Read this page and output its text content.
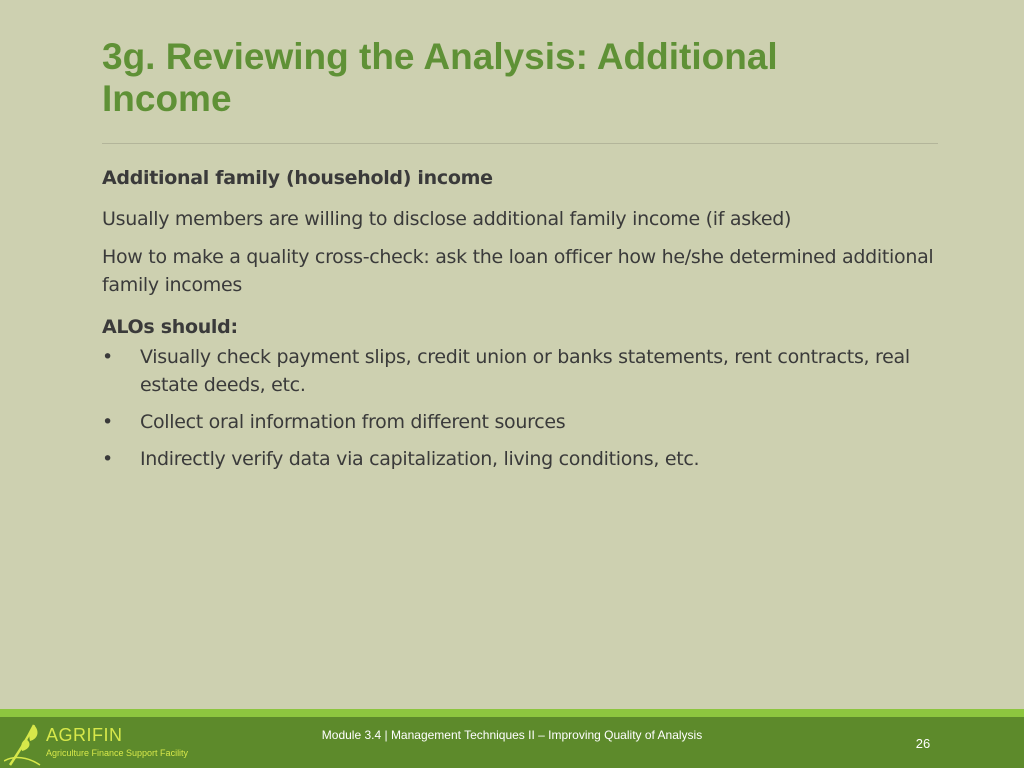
3g. Reviewing the Analysis: Additional Income

Additional family (household) income

Usually members are willing to disclose additional family income (if asked)

How to make a quality cross-check: ask the loan officer how he/she determined additional family incomes

ALOs should:

• Visually check payment slips, credit union or banks statements, rent contracts, real estate deeds, etc.
• Collect oral information from different sources
• Indirectly verify data via capitalization, living conditions, etc.
AGRIFIN
Agriculture Finance Support Facility
Module 3.4 | Management Techniques II – Improving Quality of Analysis
26
